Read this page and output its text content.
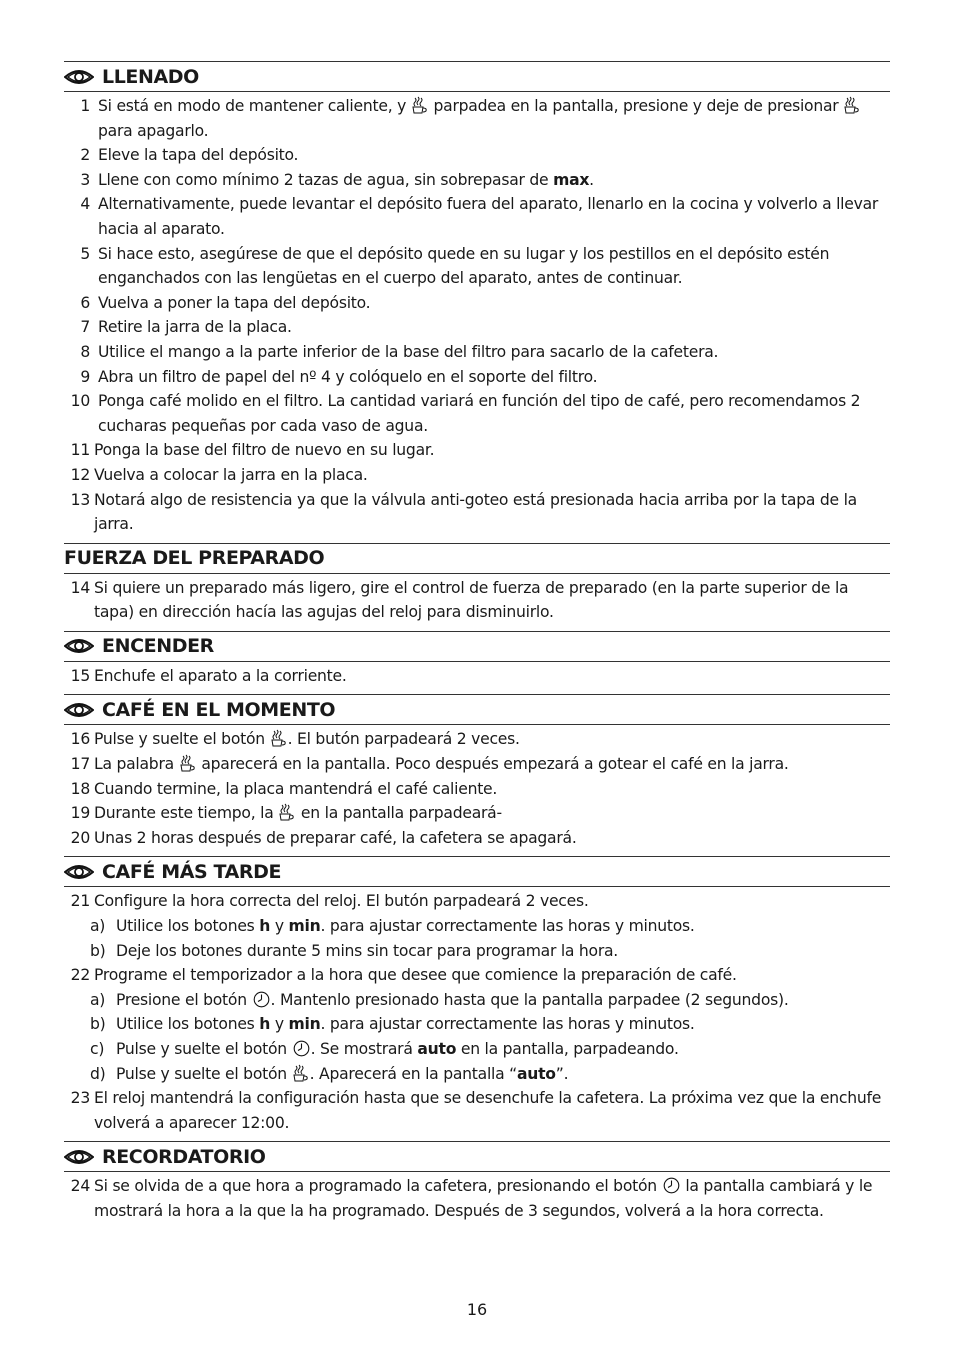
LLENADO
1 Si está en modo de mantener caliente, y  parpadea en la pantalla, presione y deje de presionar  para apagarlo.
2 Eleve la tapa del depósito.
3 Llene con como mínimo 2 tazas de agua, sin sobrepasar de max.
4 Alternativamente, puede levantar el depósito fuera del aparato, llenarlo en la cocina y volverlo a llevar hacia al aparato.
5 Si hace esto, asegúrese de que el depósito quede en su lugar y los pestillos en el depósito estén enganchados con las lengüetas en el cuerpo del aparato, antes de continuar.
6 Vuelva a poner la tapa del depósito.
7 Retire la jarra de la placa.
8 Utilice el mango a la parte inferior de la base del filtro para sacarlo de la cafetera.
9 Abra un filtro de papel del nº 4 y colóquelo en el soporte del filtro.
10 Ponga café molido en el filtro. La cantidad variará en función del tipo de café, pero recomendamos 2 cucharas pequeñas por cada vaso de agua.
11 Ponga la base del filtro de nuevo en su lugar.
12 Vuelva a colocar la jarra en la placa.
13 Notará algo de resistencia ya que la válvula anti-goteo está presionada hacia arriba por la tapa de la jarra.
FUERZA DEL PREPARADO
14 Si quiere un preparado más ligero, gire el control de fuerza de preparado (en la parte superior de la tapa) en dirección hacía las agujas del reloj para disminuirlo.
ENCENDER
15 Enchufe el aparato a la corriente.
CAFÉ EN EL MOMENTO
16 Pulse y suelte el botón . El butón parpadeará 2 veces.
17 La palabra  aparecerá en la pantalla. Poco después empezará a gotear el café en la jarra.
18 Cuando termine, la placa mantendrá el café caliente.
19 Durante este tiempo, la  en la pantalla parpadeará-
20 Unas 2 horas después de preparar café, la cafetera se apagará.
CAFÉ MÁS TARDE
21 Configure la hora correcta del reloj. El butón parpadeará 2 veces.
a) Utilice los botones h y min. para ajustar correctamente las horas y minutos.
b) Deje los botones durante 5 mins sin tocar para programar la hora.
22 Programe el temporizador a la hora que desee que comience la preparación de café.
a) Presione el botón . Mantenlo presionado hasta que la pantalla parpadee (2 segundos).
b) Utilice los botones h y min. para ajustar correctamente las horas y minutos.
c) Pulse y suelte el botón . Se mostrará auto en la pantalla, parpadeando.
d) Pulse y suelte el botón . Aparecerá en la pantalla “auto”.
23 El reloj mantendrá la configuración hasta que se desenchufe la cafetera. La próxima vez que la enchufe volverá a aparecer 12:00.
RECORDATORIO
24 Si se olvida de a que hora a programado la cafetera, presionando el botón  la pantalla cambiará y le mostrará la hora a la que la ha programado. Después de 3 segundos, volverá a la hora correcta.
16
